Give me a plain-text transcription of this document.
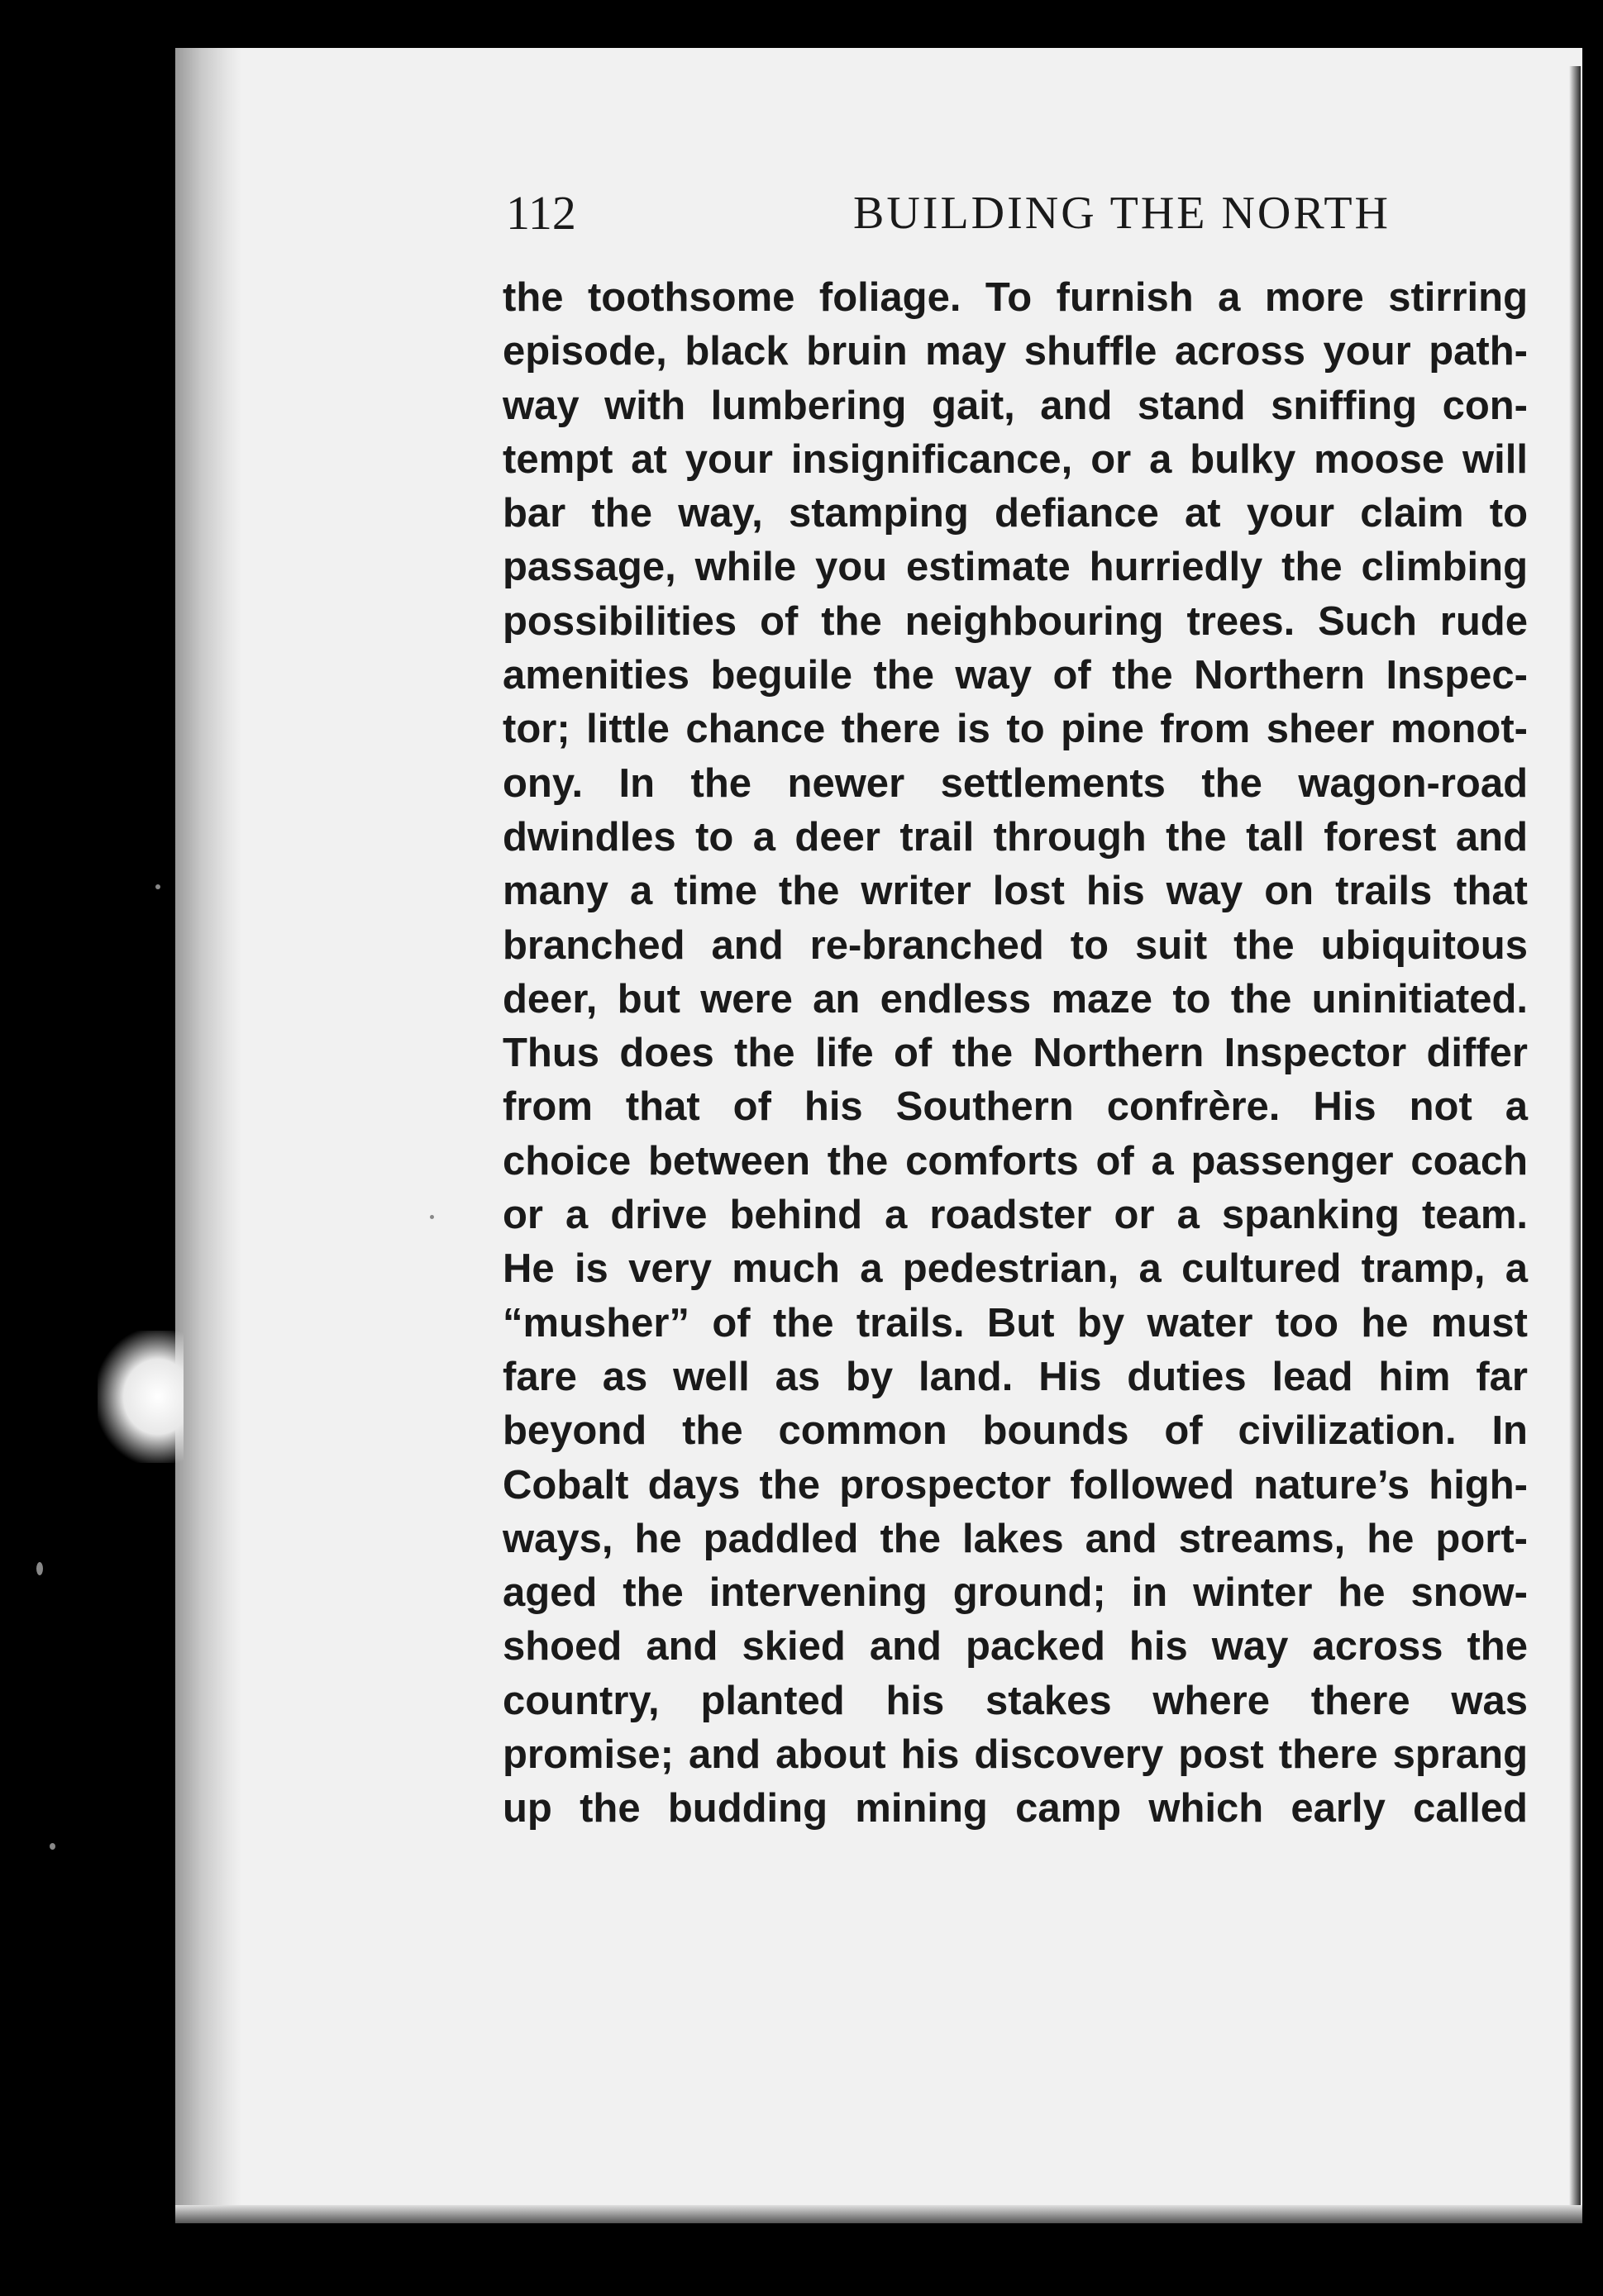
112	BUILDING THE NORTH
the toothsome foliage. To furnish a more stirring
episode, black bruin may shuffle across your path-
way with lumbering gait, and stand sniffing con-
tempt at your insignificance, or a bulky moose will
bar the way, stamping defiance at your claim to
passage, while you estimate hurriedly the climbing
possibilities of the neighbouring trees. Such rude
amenities beguile the way of the Northern Inspec-
tor; little chance there is to pine from sheer monot-
ony. In the newer settlements the wagon-road
dwindles to a deer trail through the tall forest and
many a time the writer lost his way on trails that
branched and re-branched to suit the ubiquitous
deer, but were an endless maze to the uninitiated.
Thus does the life of the Northern Inspector differ
from that of his Southern confrère. His not a
choice between the comforts of a passenger coach
or a drive behind a roadster or a spanking team.
He is very much a pedestrian, a cultured tramp, a
“musher” of the trails. But by water too he must
fare as well as by land. His duties lead him far
beyond the common bounds of civilization. In
Cobalt days the prospector followed nature’s high-
ways, he paddled the lakes and streams, he port-
aged the intervening ground; in winter he snow-
shoed and skied and packed his way across the
country, planted his stakes where there was
promise; and about his discovery post there sprang
up the budding mining camp which early called
